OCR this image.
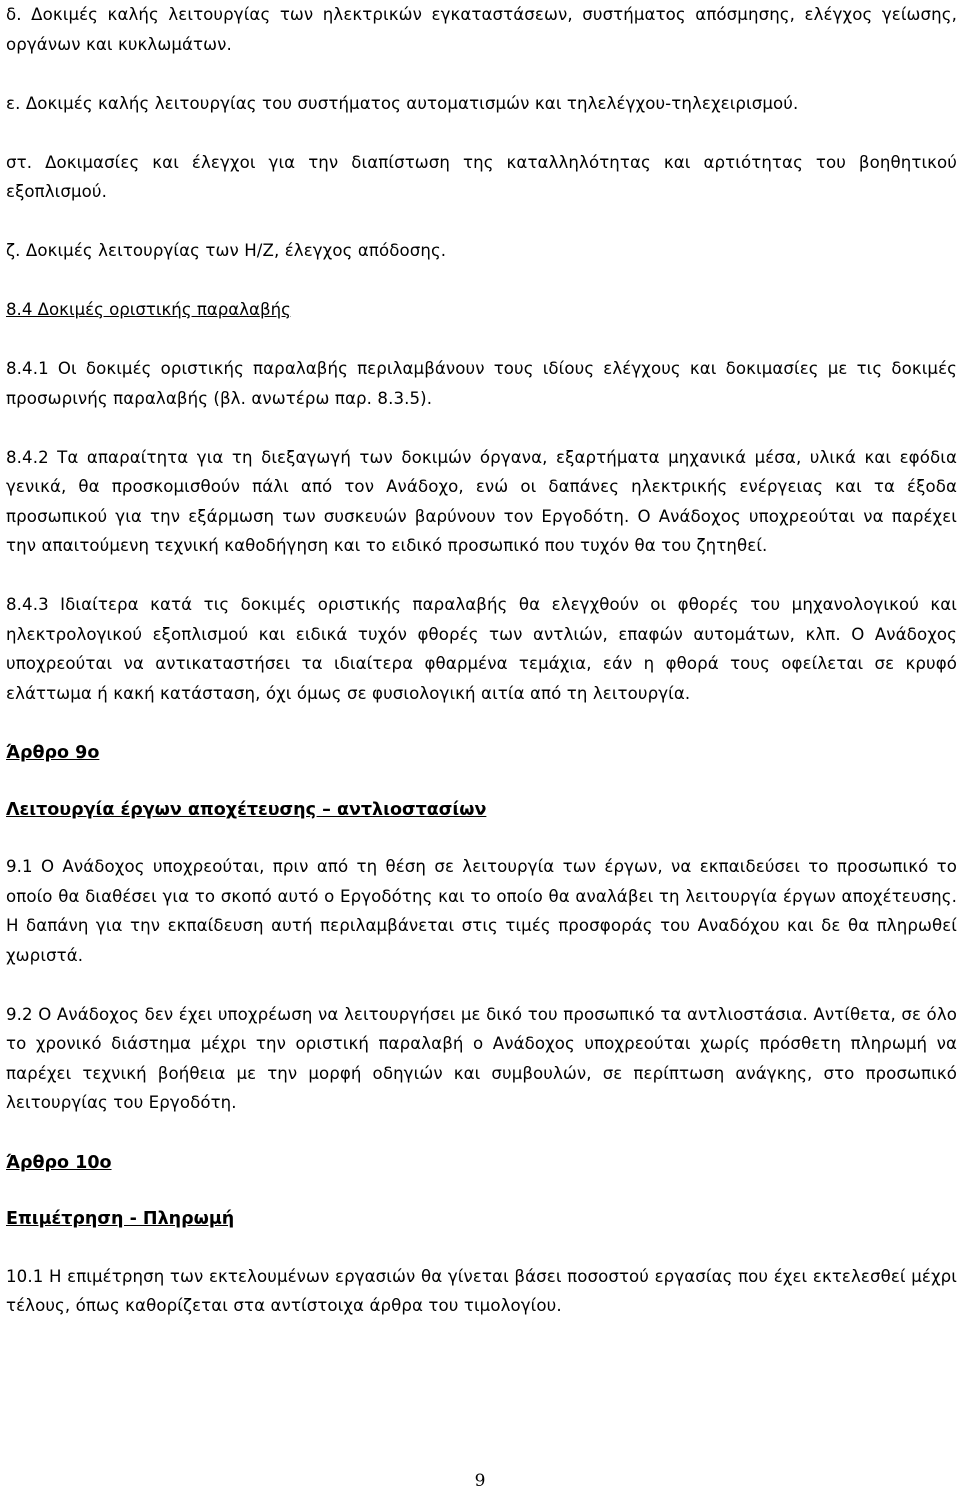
δ. Δοκιμές καλής λειτουργίας των ηλεκτρικών εγκαταστάσεων, συστήματος απόσμησης, ελέγχος γείωσης, οργάνων και κυκλωμάτων.

ε. Δοκιμές καλής λειτουργίας του συστήματος αυτοματισμών και τηλελέγχου-τηλεχειρισμού.

στ. Δοκιμασίες και έλεγχοι για την διαπίστωση της καταλληλότητας και αρτιότητας του βοηθητικού εξοπλισμού.

ζ. Δοκιμές λειτουργίας των Η/Ζ, έλεγχος απόδοσης.

8.4 Δοκιμές οριστικής παραλαβής

8.4.1 Οι δοκιμές οριστικής παραλαβής περιλαμβάνουν τους ιδίους ελέγχους και δοκιμασίες με τις δοκιμές προσωρινής παραλαβής (βλ. ανωτέρω παρ. 8.3.5).

8.4.2 Τα απαραίτητα για τη διεξαγωγή των δοκιμών όργανα, εξαρτήματα μηχανικά μέσα, υλικά και εφόδια γενικά, θα προσκομισθούν πάλι από τον Ανάδοχο, ενώ οι δαπάνες ηλεκτρικής ενέργειας και τα έξοδα προσωπικού για την εξάρμωση των συσκευών βαρύνουν τον Εργοδότη. Ο Ανάδοχος υποχρεούται να παρέχει την απαιτούμενη τεχνική καθοδήγηση και το ειδικό προσωπικό που τυχόν θα του ζητηθεί.

8.4.3 Ιδιαίτερα κατά τις δοκιμές οριστικής παραλαβής θα ελεγχθούν οι φθορές του μηχανολογικού και ηλεκτρολογικού εξοπλισμού και ειδικά τυχόν φθορές των αντλιών, επαφών αυτομάτων, κλπ. Ο Ανάδοχος υποχρεούται να αντικαταστήσει τα ιδιαίτερα φθαρμένα τεμάχια, εάν η φθορά τους οφείλεται σε κρυφό ελάττωμα ή κακή κατάσταση, όχι όμως σε φυσιολογική αιτία από τη λειτουργία.

Άρθρο 9ο

Λειτουργία έργων αποχέτευσης – αντλιοστασίων

9.1 Ο Ανάδοχος υποχρεούται, πριν από τη θέση σε λειτουργία των έργων, να εκπαιδεύσει το προσωπικό το οποίο θα διαθέσει για το σκοπό αυτό ο Εργοδότης και το οποίο θα αναλάβει τη λειτουργία έργων αποχέτευσης. Η δαπάνη για την εκπαίδευση αυτή περιλαμβάνεται στις τιμές προσφοράς του Αναδόχου και δε θα πληρωθεί χωριστά.

9.2 Ο Ανάδοχος δεν έχει υποχρέωση να λειτουργήσει με δικό του προσωπικό τα αντλιοστάσια. Αντίθετα, σε όλο το χρονικό διάστημα μέχρι την οριστική παραλαβή ο Ανάδοχος υποχρεούται χωρίς πρόσθετη πληρωμή να παρέχει τεχνική βοήθεια με την μορφή οδηγιών και συμβουλών, σε περίπτωση ανάγκης, στο προσωπικό λειτουργίας του Εργοδότη.

Άρθρο 10ο

Επιμέτρηση - Πληρωμή

10.1 Η επιμέτρηση των εκτελουμένων εργασιών θα γίνεται βάσει ποσοστού εργασίας που έχει εκτελεσθεί μέχρι τέλους, όπως καθορίζεται στα αντίστοιχα άρθρα του τιμολογίου.

9
